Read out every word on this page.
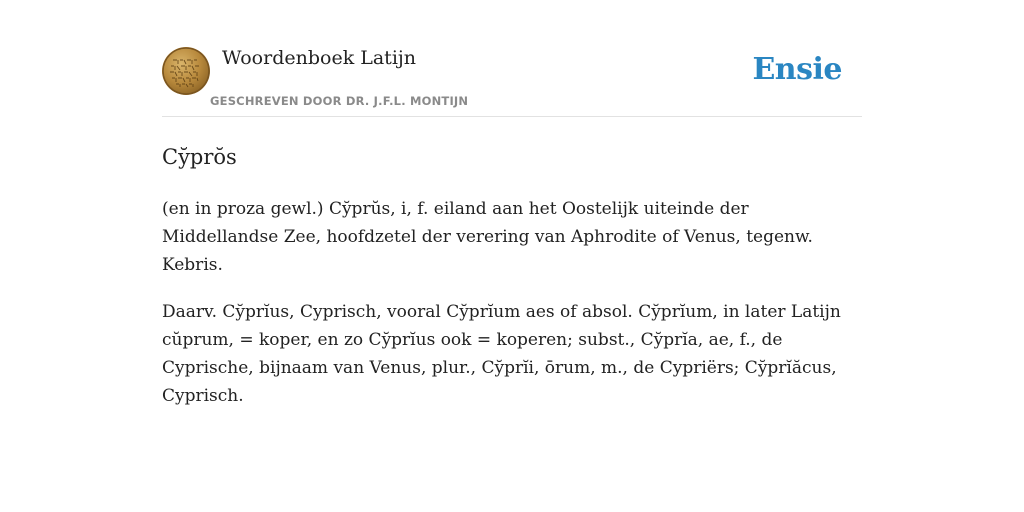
Woordenboek Latijn
GESCHREVEN DOOR DR. J.F.L. MONTIJN
Ensie
Cy̆prŏs

(en in proza gewl.) Cy̆prŭs, i, f. eiland aan het Oostelijk uiteinde der Middellandse Zee, hoofdzetel der verering van Aphrodite of Venus, tegenw. Kebris.

Daarv. Cy̆prĭus, Cyprisch, vooral Cy̆prĭum aes of absol. Cy̆prĭum, in later Latijn cŭprum, = koper, en zo Cy̆prĭus ook = koperen; subst., Cy̆prĭa, ae, f., de Cyprische, bijnaam van Venus, plur., Cy̆prĭi, ōrum, m., de Cypriërs; Cy̆prĭăcus, Cyprisch.
